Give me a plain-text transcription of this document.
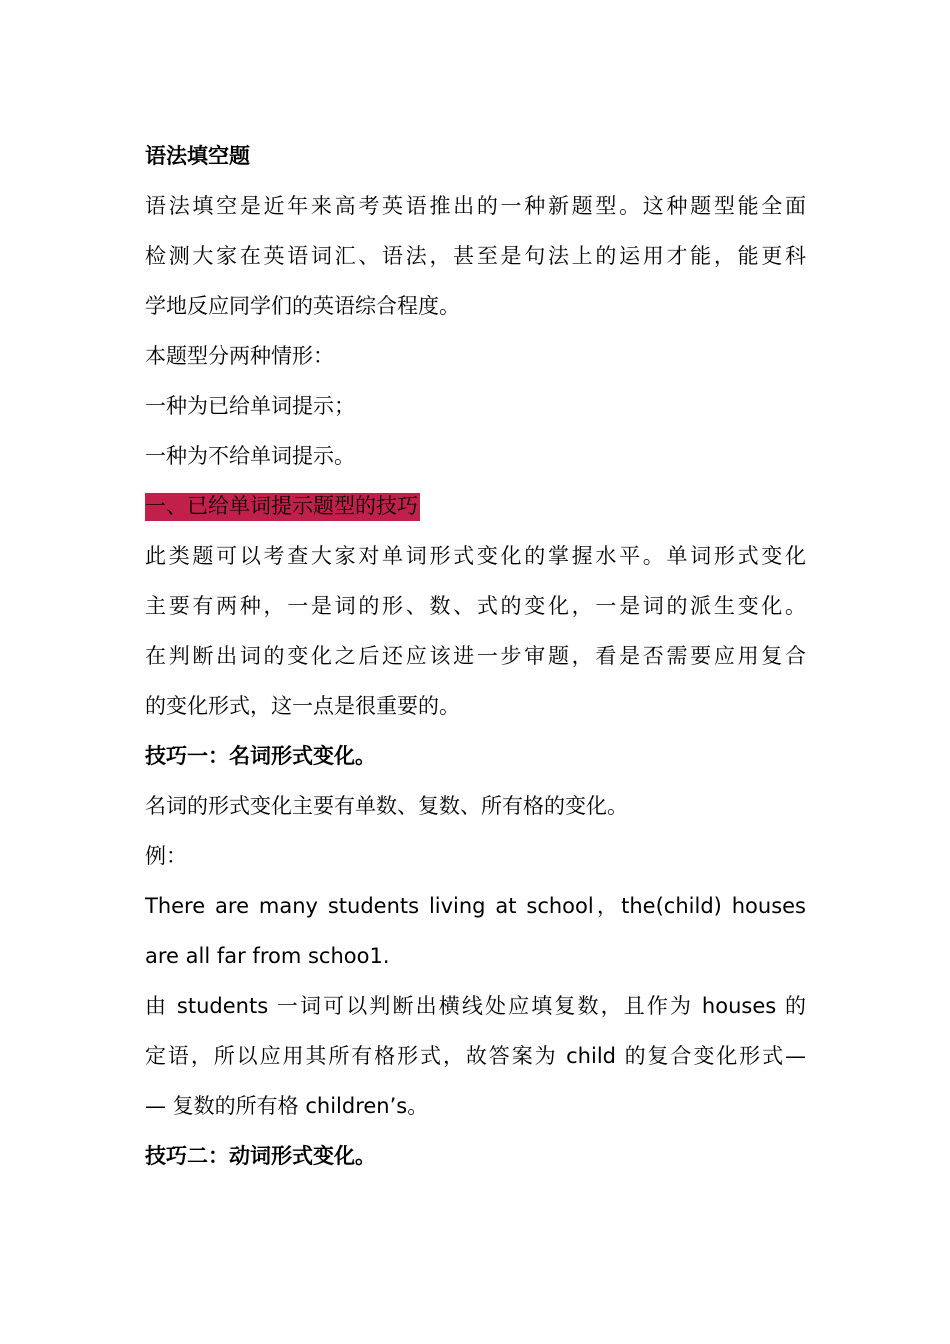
语法填空题

语法填空是近年来高考英语推出的一种新题型。这种题型能全面

检测大家在英语词汇、语法，甚至是句法上的运用才能，能更科

学地反应同学们的英语综合程度。

本题型分两种情形：

一种为已给单词提示；

一种为不给单词提示。

一、已给单词提示题型的技巧

此类题可以考查大家对单词形式变化的掌握水平。单词形式变化

主要有两种，一是词的形、数、式的变化，一是词的派生变化。

在判断出词的变化之后还应该进一步审题，看是否需要应用复合

的变化形式，这一点是很重要的。

技巧一：名词形式变化。

名词的形式变化主要有单数、复数、所有格的变化。

例：

There are many students living at school，the(child) houses

are all far from schoo1.

由 students 一词可以判断出横线处应填复数，且作为 houses 的

定语，所以应用其所有格形式，故答案为 child 的复合变化形式—

— 复数的所有格 children’s。

技巧二：动词形式变化。
